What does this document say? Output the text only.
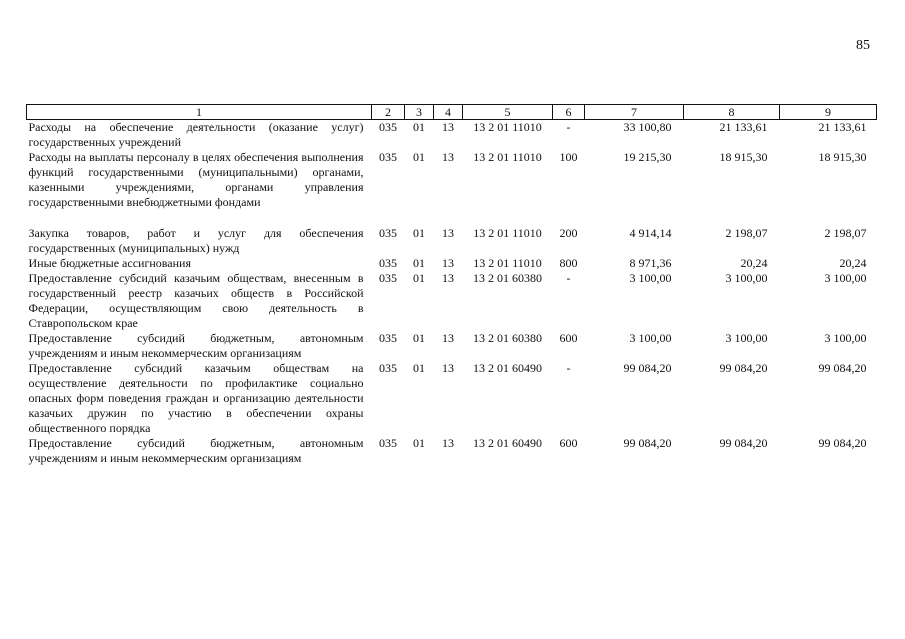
85
1	2	3	4	5	6	7	8	9
Расходы на обеспечение деятельности (оказание услуг) государственных учреждений	035	01	13	13 2 01 11010	-	33 100,80	21 133,61	21 133,61
Расходы на выплаты персоналу в целях обеспечения выполнения функций государственными (муниципальными) органами, казенными учреждениями, органами управления государственными внебюджетными фондами	035	01	13	13 2 01 11010	100	19 215,30	18 915,30	18 915,30

Закупка товаров, работ и услуг для обеспечения государственных (муниципальных) нужд	035	01	13	13 2 01 11010	200	4 914,14	2 198,07	2 198,07
Иные бюджетные ассигнования	035	01	13	13 2 01 11010	800	8 971,36	20,24	20,24
Предоставление субсидий казачьим обществам, внесенным в государственный реестр казачьих обществ в Российской Федерации, осуществляющим свою деятельность в Ставропольском крае	035	01	13	13 2 01 60380	-	3 100,00	3 100,00	3 100,00
Предоставление субсидий бюджетным, автономным учреждениям и иным некоммерческим организациям	035	01	13	13 2 01 60380	600	3 100,00	3 100,00	3 100,00
Предоставление субсидий казачьим обществам на осуществление деятельности по профилактике социально опасных форм поведения граждан и организацию деятельности казачьих дружин по участию в обеспечении охраны общественного порядка	035	01	13	13 2 01 60490	-	99 084,20	99 084,20	99 084,20
Предоставление субсидий бюджетным, автономным учреждениям и иным некоммерческим организациям	035	01	13	13 2 01 60490	600	99 084,20	99 084,20	99 084,20
